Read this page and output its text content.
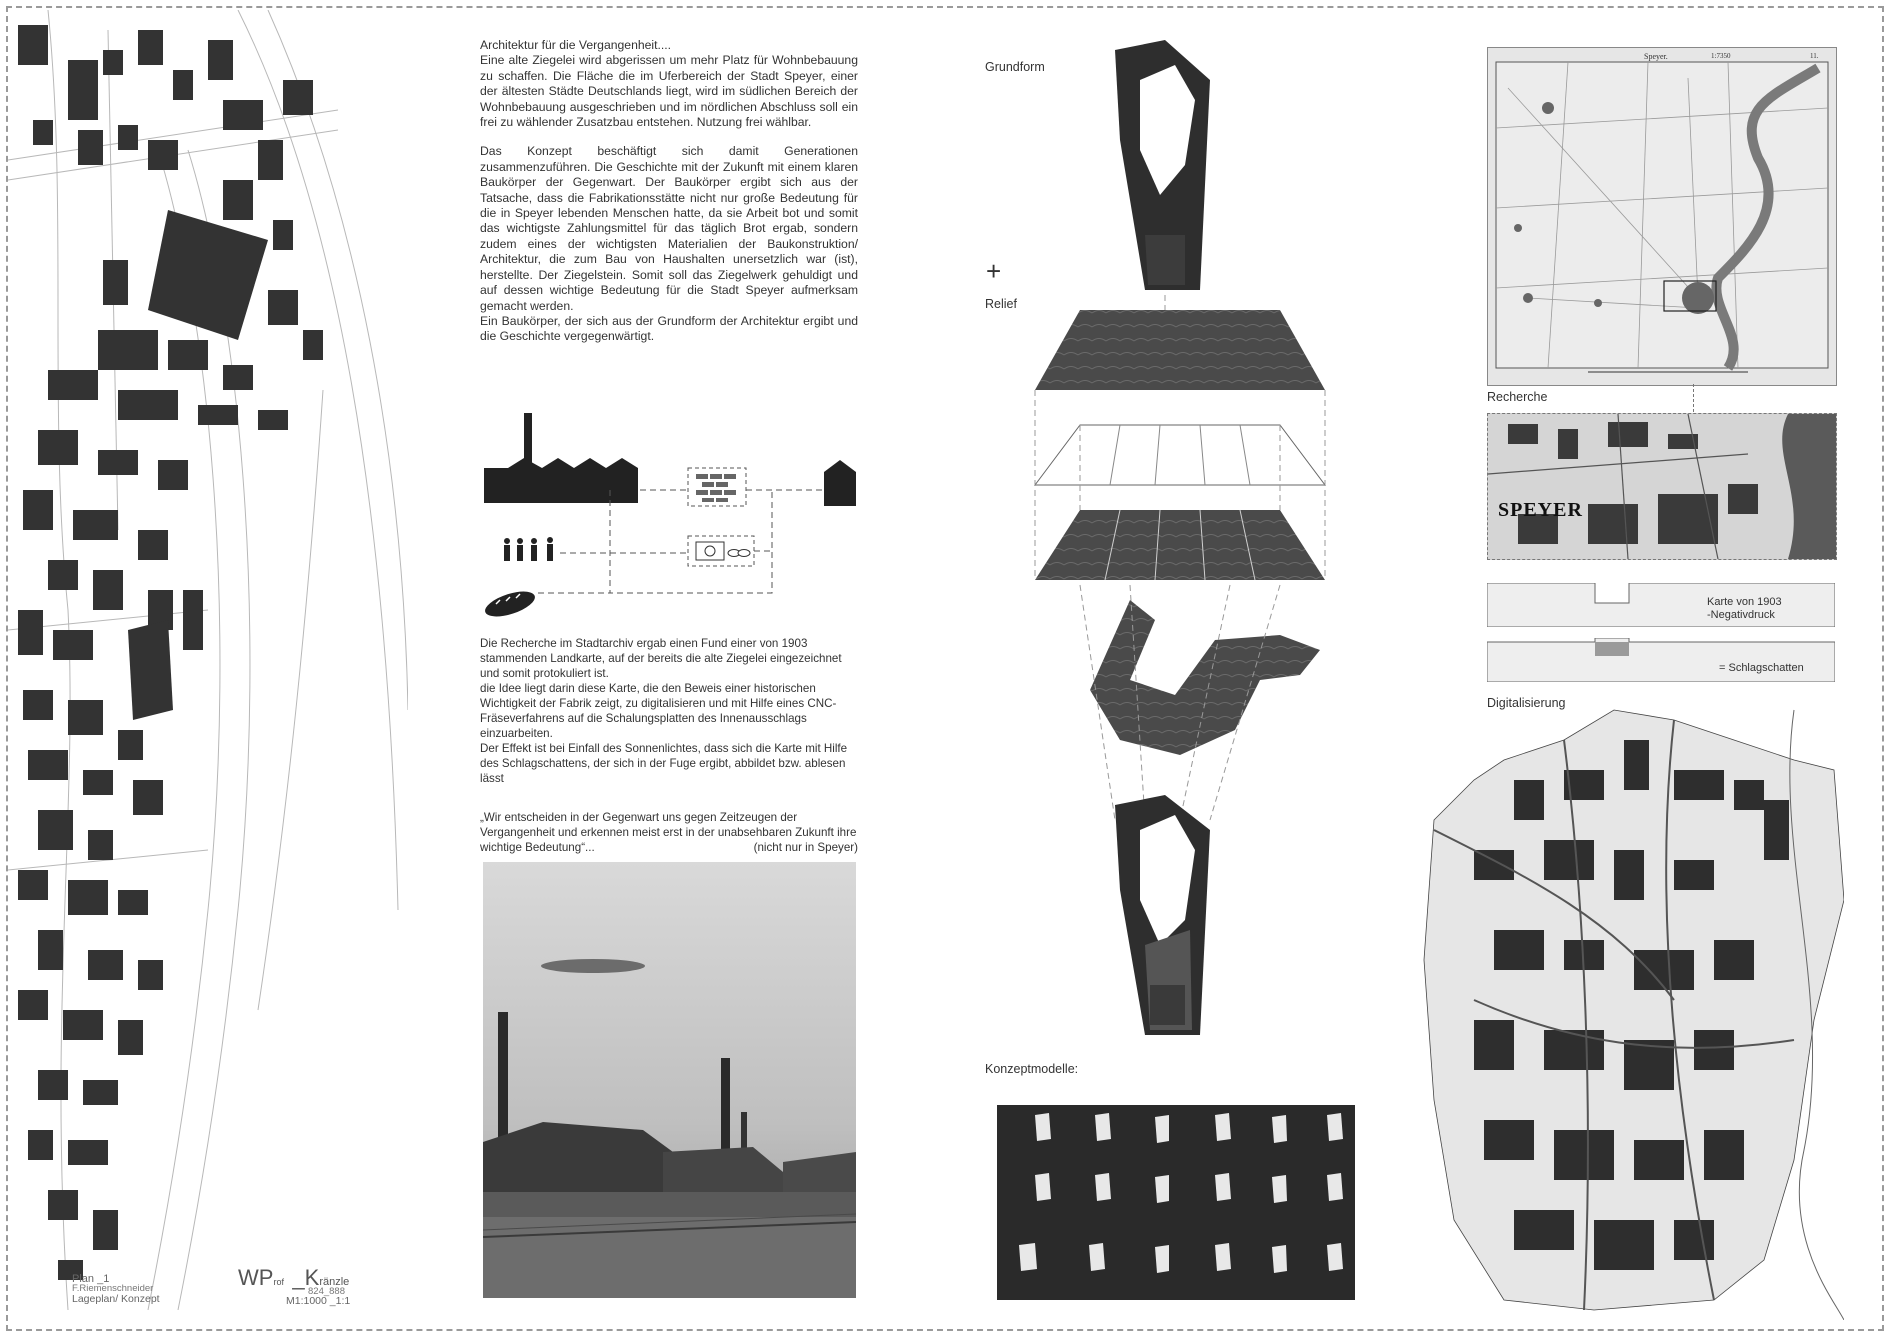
Plan _1
F.Riemenschneider
Lageplan/ Konzept
WProf _Kränzle
824_888
M1:1000 _1:1
Architektur für die Vergangenheit....
Eine alte Ziegelei wird abgerissen um mehr Platz für Wohnbebauung zu schaffen. Die Fläche die im Uferbereich der Stadt Speyer, einer der ältesten Städte Deutschlands liegt, wird im südlichen Bereich der Wohnbebauung ausgeschrieben und im nördlichen Abschluss soll ein frei zu wählender Zusatzbau entstehen. Nutzung frei wählbar.
Das Konzept beschäftigt sich damit Generationen zusammenzuführen. Die Geschichte mit der Zukunft mit einem klaren Baukörper der Gegenwart. Der Baukörper ergibt sich aus der Tatsache, dass die Fabrikationsstätte nicht nur große Bedeutung für die in Speyer lebenden Menschen hatte, da sie Arbeit bot und somit das wichtigste Zahlungsmittel für das täglich Brot ergab, sondern zudem eines der wichtigsten Materialien der Baukonstruktion/ Architektur, die zum Bau von Haushalten unersetzlich war (ist), herstellte. Der Ziegelstein. Somit soll das Ziegelwerk gehuldigt und auf dessen wichtige Bedeutung für die Stadt Speyer aufmerksam gemacht werden.
Ein Baukörper, der sich aus der Grundform der Architektur ergibt und die Geschichte vergegenwärtigt.
Die Recherche im Stadtarchiv ergab einen Fund einer von 1903 stammenden Landkarte, auf der bereits die alte Ziegelei eingezeichnet und somit protokuliert ist.
die Idee liegt darin diese Karte, die den Beweis einer historischen Wichtigkeit der Fabrik zeigt, zu digitalisieren und mit Hilfe eines CNC-Fräseverfahrens auf die Schalungsplatten des Innenausschlags einzuarbeiten.
Der Effekt ist bei Einfall des Sonnenlichtes, dass sich die Karte mit Hilfe des Schlagschattens, der sich in der Fuge ergibt, abbildet bzw. ablesen lässt
„Wir entscheiden in der Gegenwart uns gegen Zeitzeugen der Vergangenheit und erkennen meist erst in der unabsehbaren Zukunft ihre wichtige Bedeutung“...	(nicht nur in Speyer)
Grundform
+
Relief
Konzeptmodelle:
Speyer.	1:7350	11.
Recherche
SPEYER
Karte von 1903
-Negativdruck
= Schlagschatten
Digitalisierung
